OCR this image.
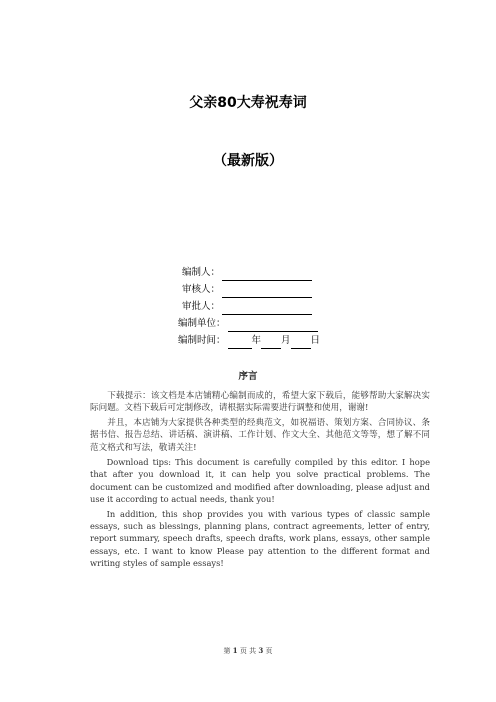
父亲80大寿祝寿词
（最新版）
编制人：
审核人：
审批人：
编制单位：
编制时间：	年 月 日
序言

下载提示：该文档是本店铺精心编制而成的，希望大家下载后，能够帮助大家解决实际问题。文档下载后可定制修改，请根据实际需要进行调整和使用，谢谢!

并且，本店铺为大家提供各种类型的经典范文，如祝福语、策划方案、合同协议、条据书信、报告总结、讲话稿、演讲稿、工作计划、作文大全、其他范文等等，想了解不同范文格式和写法，敬请关注!

Download tips: This document is carefully compiled by this editor. I hope that after you download it, it can help you solve practical problems. The document can be customized and modified after downloading, please adjust and use it according to actual needs, thank you!

In addition, this shop provides you with various types of classic sample essays, such as blessings, planning plans, contract agreements, letter of entry, report summary, speech drafts, speech drafts, work plans, essays, other sample essays, etc. I want to know Please pay attention to the different format and writing styles of sample essays!

第 1 页 共 3 页
